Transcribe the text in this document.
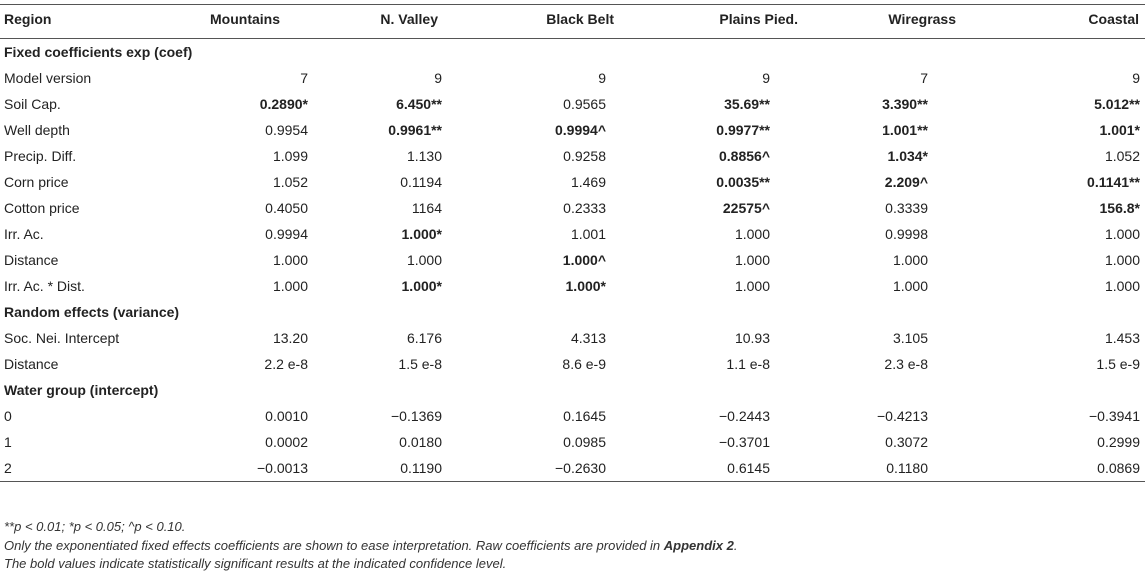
Region	Mountains	N. Valley	Black Belt	Plains Pied.	Wiregrass	Coastal
Fixed coefficients exp (coef)						
Model version	7	9	9	9	7	9
Soil Cap.	0.2890*	6.450**	0.9565	35.69**	3.390**	5.012**
Well depth	0.9954	0.9961**	0.9994^	0.9977**	1.001**	1.001*
Precip. Diff.	1.099	1.130	0.9258	0.8856^	1.034*	1.052
Corn price	1.052	0.1194	1.469	0.0035**	2.209^	0.1141**
Cotton price	0.4050	1164	0.2333	22575^	0.3339	156.8*
Irr. Ac.	0.9994	1.000*	1.001	1.000	0.9998	1.000
Distance	1.000	1.000	1.000^	1.000	1.000	1.000
Irr. Ac. * Dist.	1.000	1.000*	1.000*	1.000	1.000	1.000
Random effects (variance)						
Soc. Nei. Intercept	13.20	6.176	4.313	10.93	3.105	1.453
Distance	2.2 e-8	1.5 e-8	8.6 e-9	1.1 e-8	2.3 e-8	1.5 e-9
Water group (intercept)						
0	0.0010	−0.1369	0.1645	−0.2443	−0.4213	−0.3941
1	0.0002	0.0180	0.0985	−0.3701	0.3072	0.2999
2	−0.0013	0.1190	−0.2630	0.6145	0.1180	0.0869
**p < 0.01; *p < 0.05; ^p < 0.10.
Only the exponentiated fixed effects coefficients are shown to ease interpretation. Raw coefficients are provided in Appendix 2.
The bold values indicate statistically significant results at the indicated confidence level.
